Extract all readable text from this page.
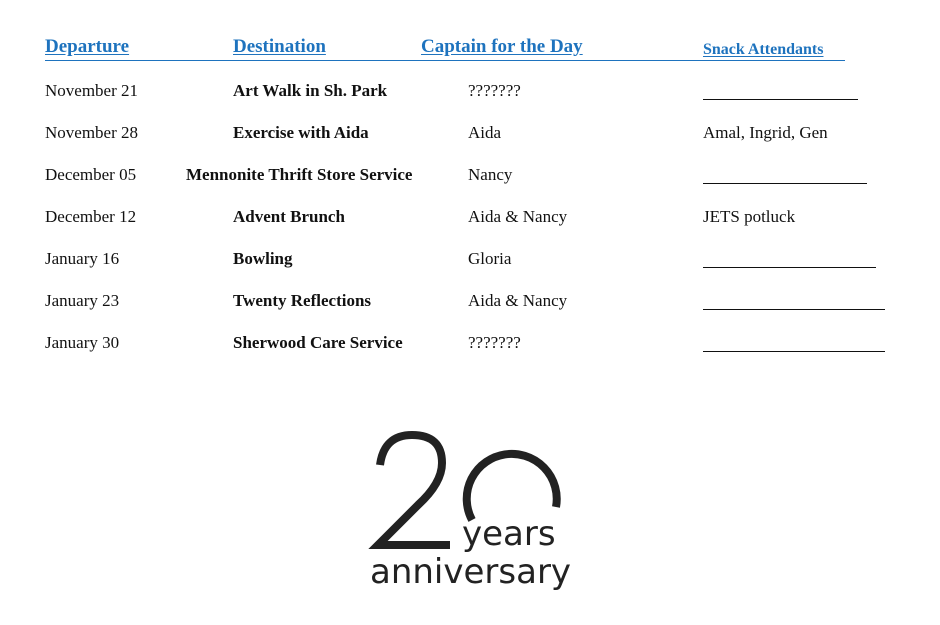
Departure	Destination	Captain for the Day	Snack Attendants
November 21	Art Walk in Sh. Park	???????
November 28	Exercise with Aida	Aida	Amal, Ingrid, Gen
December 05	Mennonite Thrift Store Service	Nancy
December 12	Advent Brunch	Aida & Nancy	JETS potluck
January 16	Bowling	Gloria
January 23	Twenty Reflections	Aida & Nancy
January 30	Sherwood Care Service	???????
years
anniversary
